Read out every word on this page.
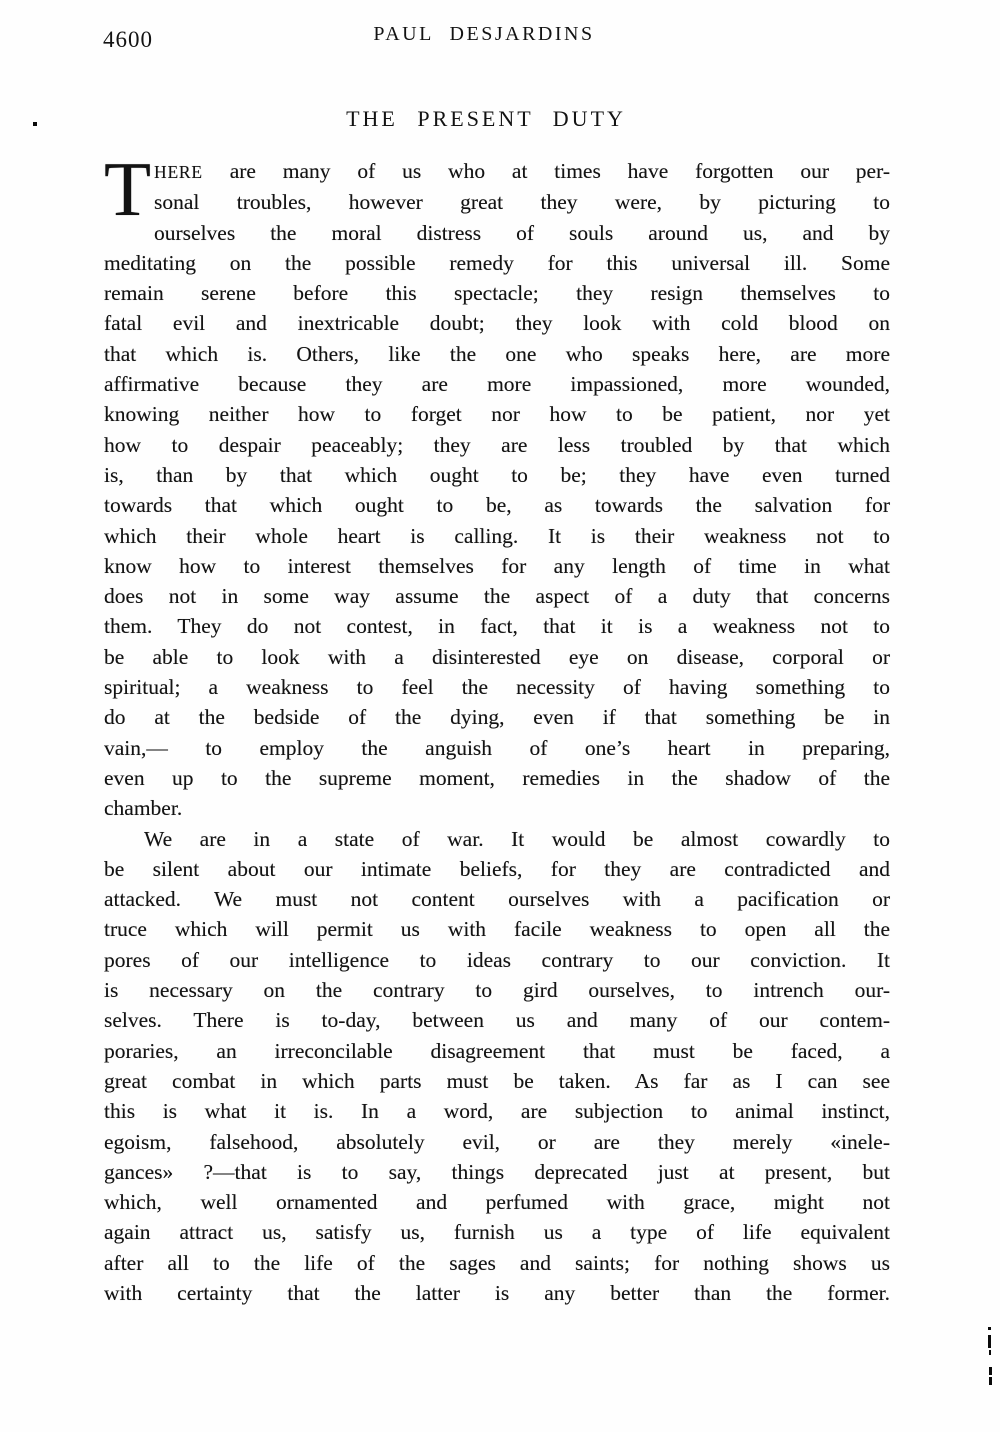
4600	PAUL DESJARDINS
THE PRESENT DUTY
T HERE are many of us who at times have forgotten our per-
sonal troubles, however great they were, by picturing to
ourselves the moral distress of souls around us, and by
meditating on the possible remedy for this universal ill. Some
remain serene before this spectacle; they resign themselves to
fatal evil and inextricable doubt; they look with cold blood on
that which is. Others, like the one who speaks here, are more
affirmative because they are more impassioned, more wounded,
knowing neither how to forget nor how to be patient, nor yet
how to despair peaceably; they are less troubled by that which
is, than by that which ought to be; they have even turned
towards that which ought to be, as towards the salvation for
which their whole heart is calling. It is their weakness not to
know how to interest themselves for any length of time in what
does not in some way assume the aspect of a duty that concerns
them. They do not contest, in fact, that it is a weakness not to
be able to look with a disinterested eye on disease, corporal or
spiritual; a weakness to feel the necessity of having something to
do at the bedside of the dying, even if that something be in
vain,— to employ the anguish of one’s heart in preparing,
even up to the supreme moment, remedies in the shadow of the
chamber.
We are in a state of war. It would be almost cowardly to
be silent about our intimate beliefs, for they are contradicted and
attacked. We must not content ourselves with a pacification or
truce which will permit us with facile weakness to open all the
pores of our intelligence to ideas contrary to our conviction. It
is necessary on the contrary to gird ourselves, to intrench our-
selves. There is to-day, between us and many of our contem-
poraries, an irreconcilable disagreement that must be faced, a
great combat in which parts must be taken. As far as I can see
this is what it is. In a word, are subjection to animal instinct,
egoism, falsehood, absolutely evil, or are they merely «inele-
gances» ?—that is to say, things deprecated just at present, but
which, well ornamented and perfumed with grace, might not
again attract us, satisfy us, furnish us a type of life equivalent
after all to the life of the sages and saints; for nothing shows us
with certainty that the latter is any better than the former.
